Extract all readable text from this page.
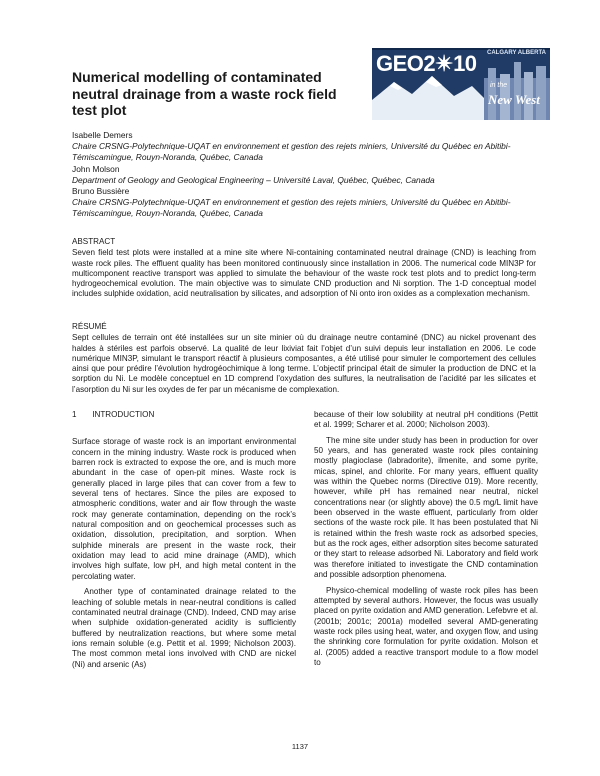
GEO2✴10 CALGARY ALBERTA
in the
New West
Numerical modelling of contaminated neutral drainage from a waste rock field test plot
Isabelle Demers
Chaire CRSNG-Polytechnique-UQAT en environnement et gestion des rejets miniers, Université du Québec en Abitibi-Témiscamingue, Rouyn-Noranda, Québec, Canada
John Molson
Department of Geology and Geological Engineering – Université Laval, Québec, Québec, Canada
Bruno Bussière
Chaire CRSNG-Polytechnique-UQAT en environnement et gestion des rejets miniers, Université du Québec en Abitibi-Témiscamingue, Rouyn-Noranda, Québec, Canada
ABSTRACT

Seven field test plots were installed at a mine site where Ni-containing contaminated neutral drainage (CND) is leaching from waste rock piles. The effluent quality has been monitored continuously since installation in 2006. The numerical code MIN3P for multicomponent reactive transport was applied to simulate the behaviour of the waste rock test plots and to predict long-term hydrogeochemical evolution. The main objective was to simulate CND production and Ni sorption. The 1-D conceptual model includes sulphide oxidation, acid neutralisation by silicates, and adsorption of Ni onto iron oxides as a complexation mechanism.

RÉSUMÉ

Sept cellules de terrain ont été installées sur un site minier où du drainage neutre contaminé (DNC) au nickel provenant des haldes à stériles est parfois observé. La qualité de leur lixiviat fait l’objet d’un suivi depuis leur installation en 2006. Le code numérique MIN3P, simulant le transport réactif à plusieurs composantes, a été utilisé pour simuler le comportement des cellules ainsi que pour prédire l’évolution hydrogéochimique à long terme. L’objectif principal était de simuler la production de DNC et la sorption du Ni. Le modèle conceptuel en 1D comprend l’oxydation des sulfures, la neutralisation de l’acidité par les silicates et l’asorption du Ni sur les oxydes de fer par un mécanisme de complexation.

1 INTRODUCTION

Surface storage of waste rock is an important environmental concern in the mining industry. Waste rock is produced when barren rock is extracted to expose the ore, and is much more abundant in the case of open-pit mines. Waste rock is generally placed in large piles that can cover from a few to several tens of hectares. Since the piles are exposed to atmospheric conditions, water and air flow through the waste rock may generate contamination, depending on the rock’s natural composition and on geochemical processes such as oxidation, dissolution, precipitation, and sorption. When sulphide minerals are present in the waste rock, their oxidation may lead to acid mine drainage (AMD), which involves high sulfate, low pH, and high metal content in the percolating water.

Another type of contaminated drainage related to the leaching of soluble metals in near-neutral conditions is called contaminated neutral drainage (CND). Indeed, CND may arise when sulphide oxidation-generated acidity is sufficiently buffered by neutralization reactions, but where some metal ions remain soluble (e.g. Pettit et al. 1999; Nicholson 2003). The most common metal ions involved with CND are nickel (Ni) and arsenic (As)

because of their low solubility at neutral pH conditions (Pettit et al. 1999; Scharer et al. 2000; Nicholson 2003).

The mine site under study has been in production for over 50 years, and has generated waste rock piles containing mostly plagioclase (labradorite), ilmenite, and some pyrite, micas, spinel, and chlorite. For many years, effluent quality was within the Quebec norms (Directive 019). More recently, however, while pH has remained near neutral, nickel concentrations near (or slightly above) the 0.5 mg/L limit have been observed in the waste effluent, particularly from older sections of the waste rock pile. It has been postulated that Ni is retained within the fresh waste rock as adsorbed species, but as the rock ages, either adsorption sites become saturated or they start to release adsorbed Ni. Laboratory and field work was therefore initiated to investigate the CND contamination and possible adsorption phenomena.

Physico-chemical modelling of waste rock piles has been attempted by several authors. However, the focus was usually placed on pyrite oxidation and AMD generation. Lefebvre et al. (2001b; 2001c; 2001a) modelled several AMD-generating waste rock piles using heat, water, and oxygen flow, and using the shrinking core formulation for pyrite oxidation. Molson et al. (2005) added a reactive transport module to a flow model to

1137
